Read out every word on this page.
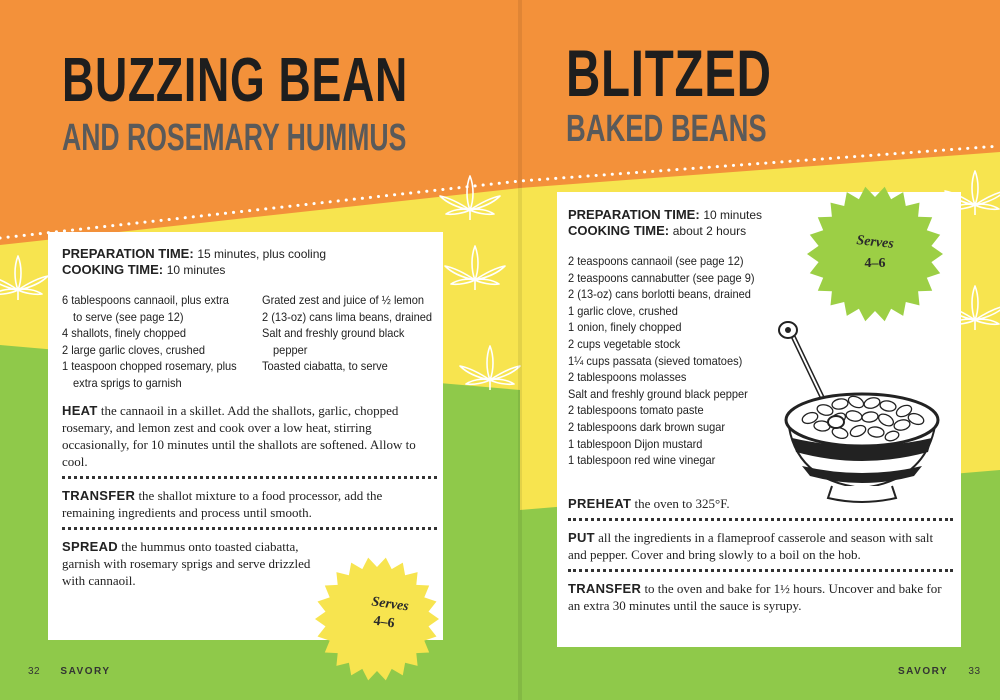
BUZZING BEAN
AND ROSEMARY HUMMUS
PREPARATION TIME: 15 minutes, plus cooling
COOKING TIME: 10 minutes
6 tablespoons cannaoil, plus extra
to serve (see page 12)
4 shallots, finely chopped
2 large garlic cloves, crushed
1 teaspoon chopped rosemary, plus
extra sprigs to garnish
Grated zest and juice of ½ lemon
2 (13-oz) cans lima beans, drained
Salt and freshly ground black
pepper
Toasted ciabatta, to serve
HEAT the cannaoil in a skillet. Add the shallots, garlic, chopped rosemary, and lemon zest and cook over a low heat, stirring occasionally, for 10 minutes until the shallots are softened. Allow to cool.
TRANSFER the shallot mixture to a food processor, add the remaining ingredients and process until smooth.
SPREAD the hummus onto toasted ciabatta, garnish with rosemary sprigs and serve drizzled with cannaoil.
Serves
4–6
32 SAVORY
BLITZED
BAKED BEANS
PREPARATION TIME: 10 minutes
COOKING TIME: about 2 hours
2 teaspoons cannaoil (see page 12)
2 teaspoons cannabutter (see page 9)
2 (13-oz) cans borlotti beans, drained
1 garlic clove, crushed
1 onion, finely chopped
2 cups vegetable stock
1¼ cups passata (sieved tomatoes)
2 tablespoons molasses
Salt and freshly ground black pepper
2 tablespoons tomato paste
2 tablespoons dark brown sugar
1 tablespoon Dijon mustard
1 tablespoon red wine vinegar
PREHEAT the oven to 325°F.
PUT all the ingredients in a flameproof casserole and season with salt and pepper. Cover and bring slowly to a boil on the hob.
TRANSFER to the oven and bake for 1½ hours. Uncover and bake for an extra 30 minutes until the sauce is syrupy.
Serves
4–6
SAVORY 33
